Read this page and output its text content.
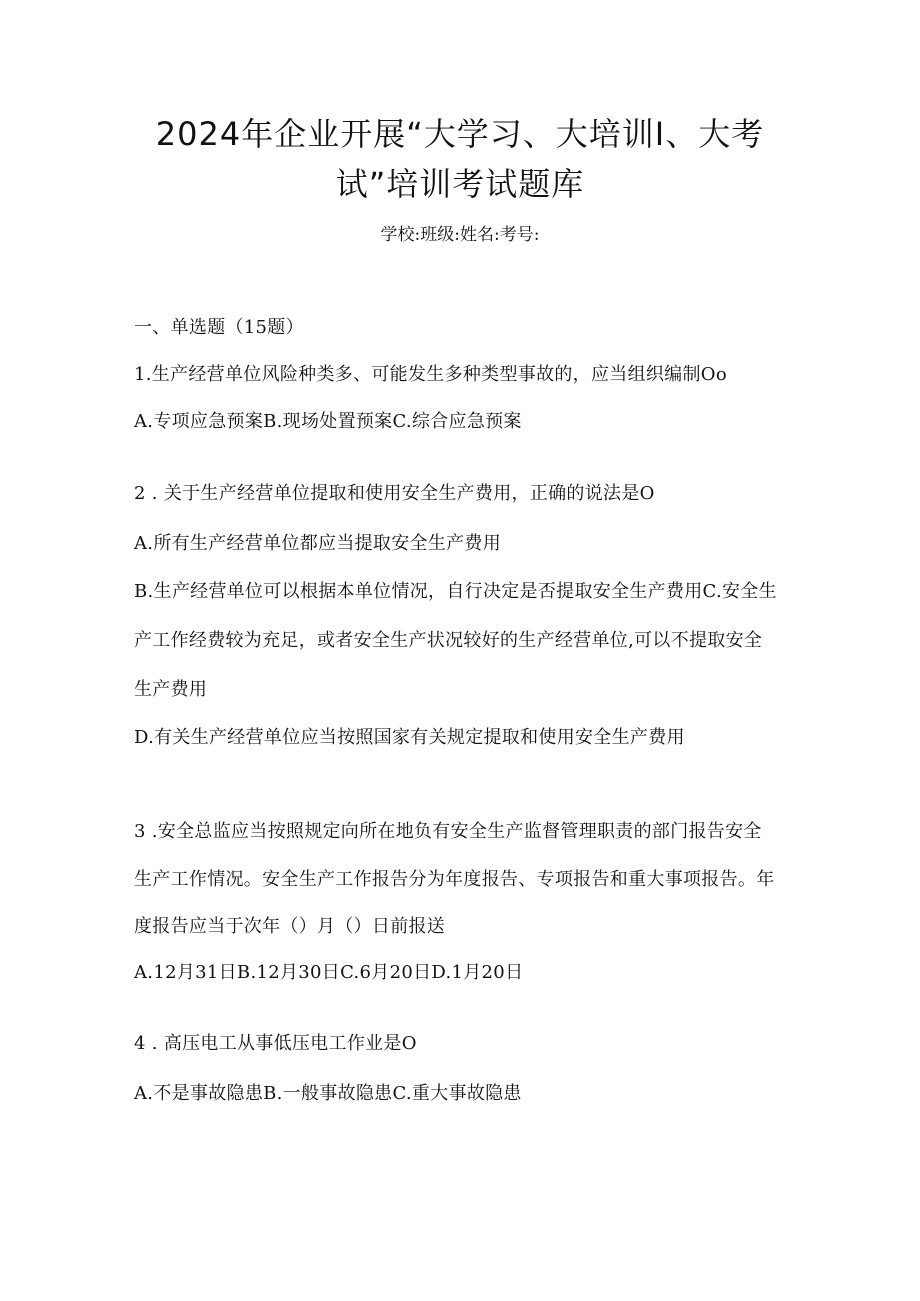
2024年企业开展“大学习、大培训I、大考
试”培训考试题库
学校:班级:姓名:考号:
一、单选题（15题）
1.生产经营单位风险种类多、可能发生多种类型事故的，应当组织编制Oo
A.专项应急预案B.现场处置预案C.综合应急预案
2 . 关于生产经营单位提取和使用安全生产费用，正确的说法是O
A.所有生产经营单位都应当提取安全生产费用
B.生产经营单位可以根据本单位情况，自行决定是否提取安全生产费用C.安全生
产工作经费较为充足，或者安全生产状况较好的生产经营单位,可以不提取安全
生产费用
D.有关生产经营单位应当按照国家有关规定提取和使用安全生产费用
3 .安全总监应当按照规定向所在地负有安全生产监督管理职责的部门报告安全
生产工作情况。安全生产工作报告分为年度报告、专项报告和重大事项报告。年
度报告应当于次年（）月（）日前报送
A.12月31日B.12月30日C.6月20日D.1月20日
4 . 高压电工从事低压电工作业是O
A.不是事故隐患B.一般事故隐患C.重大事故隐患
